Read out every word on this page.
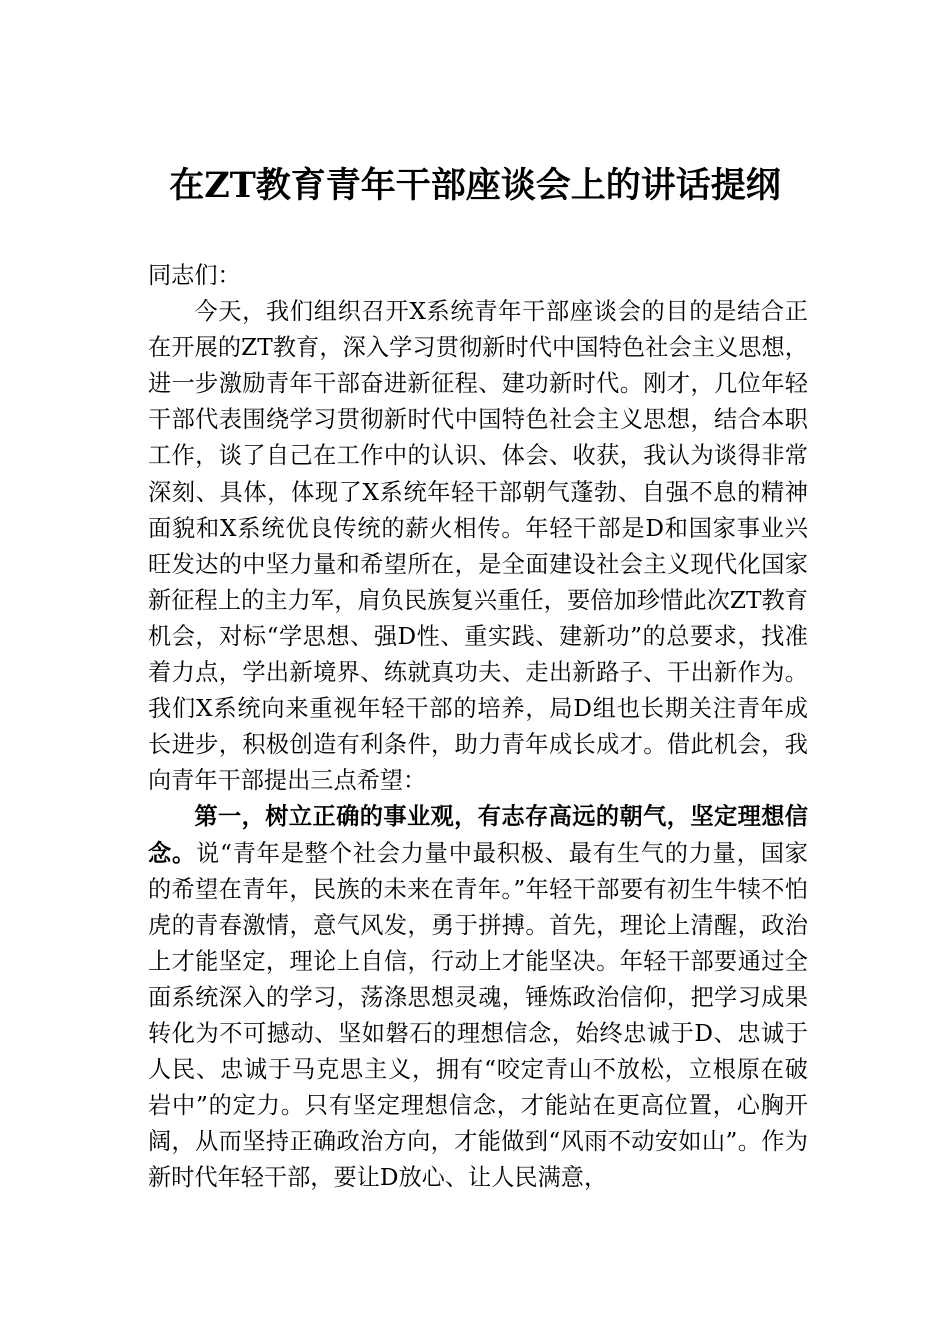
在ZT教育青年干部座谈会上的讲话提纲

同志们：

今天，我们组织召开X系统青年干部座谈会的目的是结合正在开展的ZT教育，深入学习贯彻新时代中国特色社会主义思想，进一步激励青年干部奋进新征程、建功新时代。刚才，几位年轻干部代表围绕学习贯彻新时代中国特色社会主义思想，结合本职工作，谈了自己在工作中的认识、体会、收获，我认为谈得非常深刻、具体，体现了X系统年轻干部朝气蓬勃、自强不息的精神面貌和X系统优良传统的薪火相传。年轻干部是D和国家事业兴旺发达的中坚力量和希望所在，是全面建设社会主义现代化国家新征程上的主力军，肩负民族复兴重任，要倍加珍惜此次ZT教育机会，对标“学思想、强D性、重实践、建新功”的总要求，找准着力点，学出新境界、练就真功夫、走出新路子、干出新作为。我们X系统向来重视年轻干部的培养，局D组也长期关注青年成长进步，积极创造有利条件，助力青年成长成才。借此机会，我向青年干部提出三点希望：

第一，树立正确的事业观，有志存高远的朝气，坚定理想信念。说“青年是整个社会力量中最积极、最有生气的力量，国家的希望在青年，民族的未来在青年。”年轻干部要有初生牛犊不怕虎的青春激情，意气风发，勇于拼搏。首先，理论上清醒，政治上才能坚定，理论上自信，行动上才能坚决。年轻干部要通过全面系统深入的学习，荡涤思想灵魂，锤炼政治信仰，把学习成果转化为不可撼动、坚如磐石的理想信念，始终忠诚于D、忠诚于人民、忠诚于马克思主义，拥有“咬定青山不放松，立根原在破岩中”的定力。只有坚定理想信念，才能站在更高位置，心胸开阔，从而坚持正确政治方向，才能做到“风雨不动安如山”。作为新时代年轻干部，要让D放心、让人民满意，
